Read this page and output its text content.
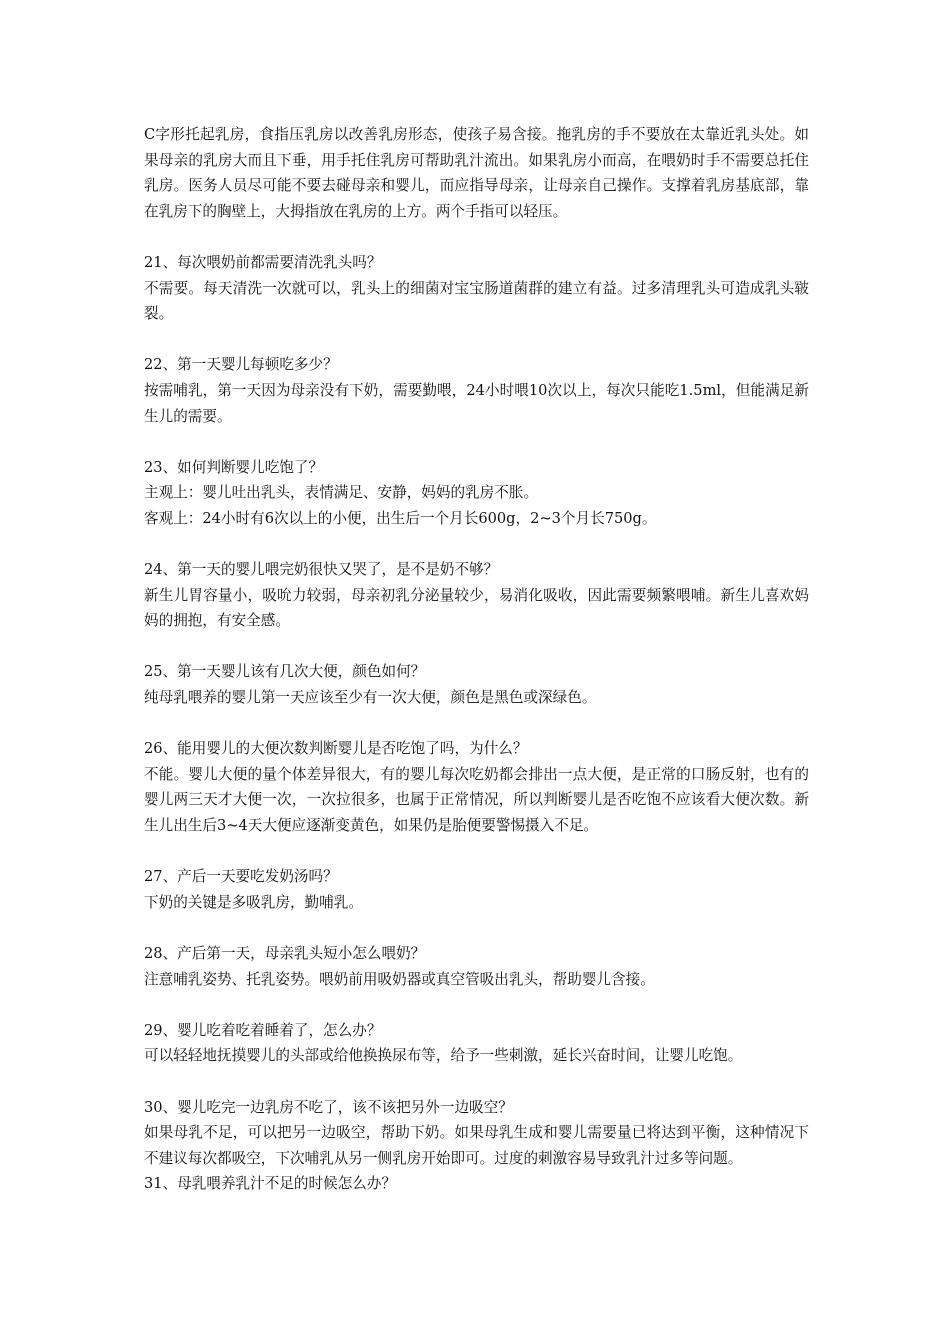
C字形托起乳房，食指压乳房以改善乳房形态，使孩子易含接。拖乳房的手不要放在太靠近乳头处。如果母亲的乳房大而且下垂，用手托住乳房可帮助乳汁流出。如果乳房小而高，在喂奶时手不需要总托住乳房。医务人员尽可能不要去碰母亲和婴儿，而应指导母亲，让母亲自己操作。支撑着乳房基底部，靠在乳房下的胸壁上，大拇指放在乳房的上方。两个手指可以轻压。

21、每次喂奶前都需要清洗乳头吗？
不需要。每天清洗一次就可以，乳头上的细菌对宝宝肠道菌群的建立有益。过多清理乳头可造成乳头皲裂。
22、第一天婴儿每顿吃多少？
按需哺乳，第一天因为母亲没有下奶，需要勤喂，24小时喂10次以上，每次只能吃1.5ml，但能满足新生儿的需要。
23、如何判断婴儿吃饱了？
主观上：婴儿吐出乳头，表情满足、安静，妈妈的乳房不胀。
客观上：24小时有6次以上的小便，出生后一个月长600g，2~3个月长750g。
24、第一天的婴儿喂完奶很快又哭了，是不是奶不够？
新生儿胃容量小，吸吮力较弱，母亲初乳分泌量较少，易消化吸收，因此需要频繁喂哺。新生儿喜欢妈妈的拥抱，有安全感。
25、第一天婴儿该有几次大便，颜色如何？
纯母乳喂养的婴儿第一天应该至少有一次大便，颜色是黑色或深绿色。
26、能用婴儿的大便次数判断婴儿是否吃饱了吗，为什么？
不能。婴儿大便的量个体差异很大，有的婴儿每次吃奶都会排出一点大便，是正常的口肠反射，也有的婴儿两三天才大便一次，一次拉很多，也属于正常情况，所以判断婴儿是否吃饱不应该看大便次数。新生儿出生后3~4天大便应逐渐变黄色，如果仍是胎便要警惕摄入不足。
27、产后一天要吃发奶汤吗？
下奶的关键是多吸乳房，勤哺乳。
28、产后第一天，母亲乳头短小怎么喂奶？
注意哺乳姿势、托乳姿势。喂奶前用吸奶器或真空管吸出乳头，帮助婴儿含接。
29、婴儿吃着吃着睡着了，怎么办？
可以轻轻地抚摸婴儿的头部或给他换换尿布等，给予一些刺激，延长兴奋时间，让婴儿吃饱。
30、婴儿吃完一边乳房不吃了，该不该把另外一边吸空？
如果母乳不足，可以把另一边吸空，帮助下奶。如果母乳生成和婴儿需要量已将达到平衡，这种情况下不建议每次都吸空，下次哺乳从另一侧乳房开始即可。过度的刺激容易导致乳汁过多等问题。
31、母乳喂养乳汁不足的时候怎么办？
